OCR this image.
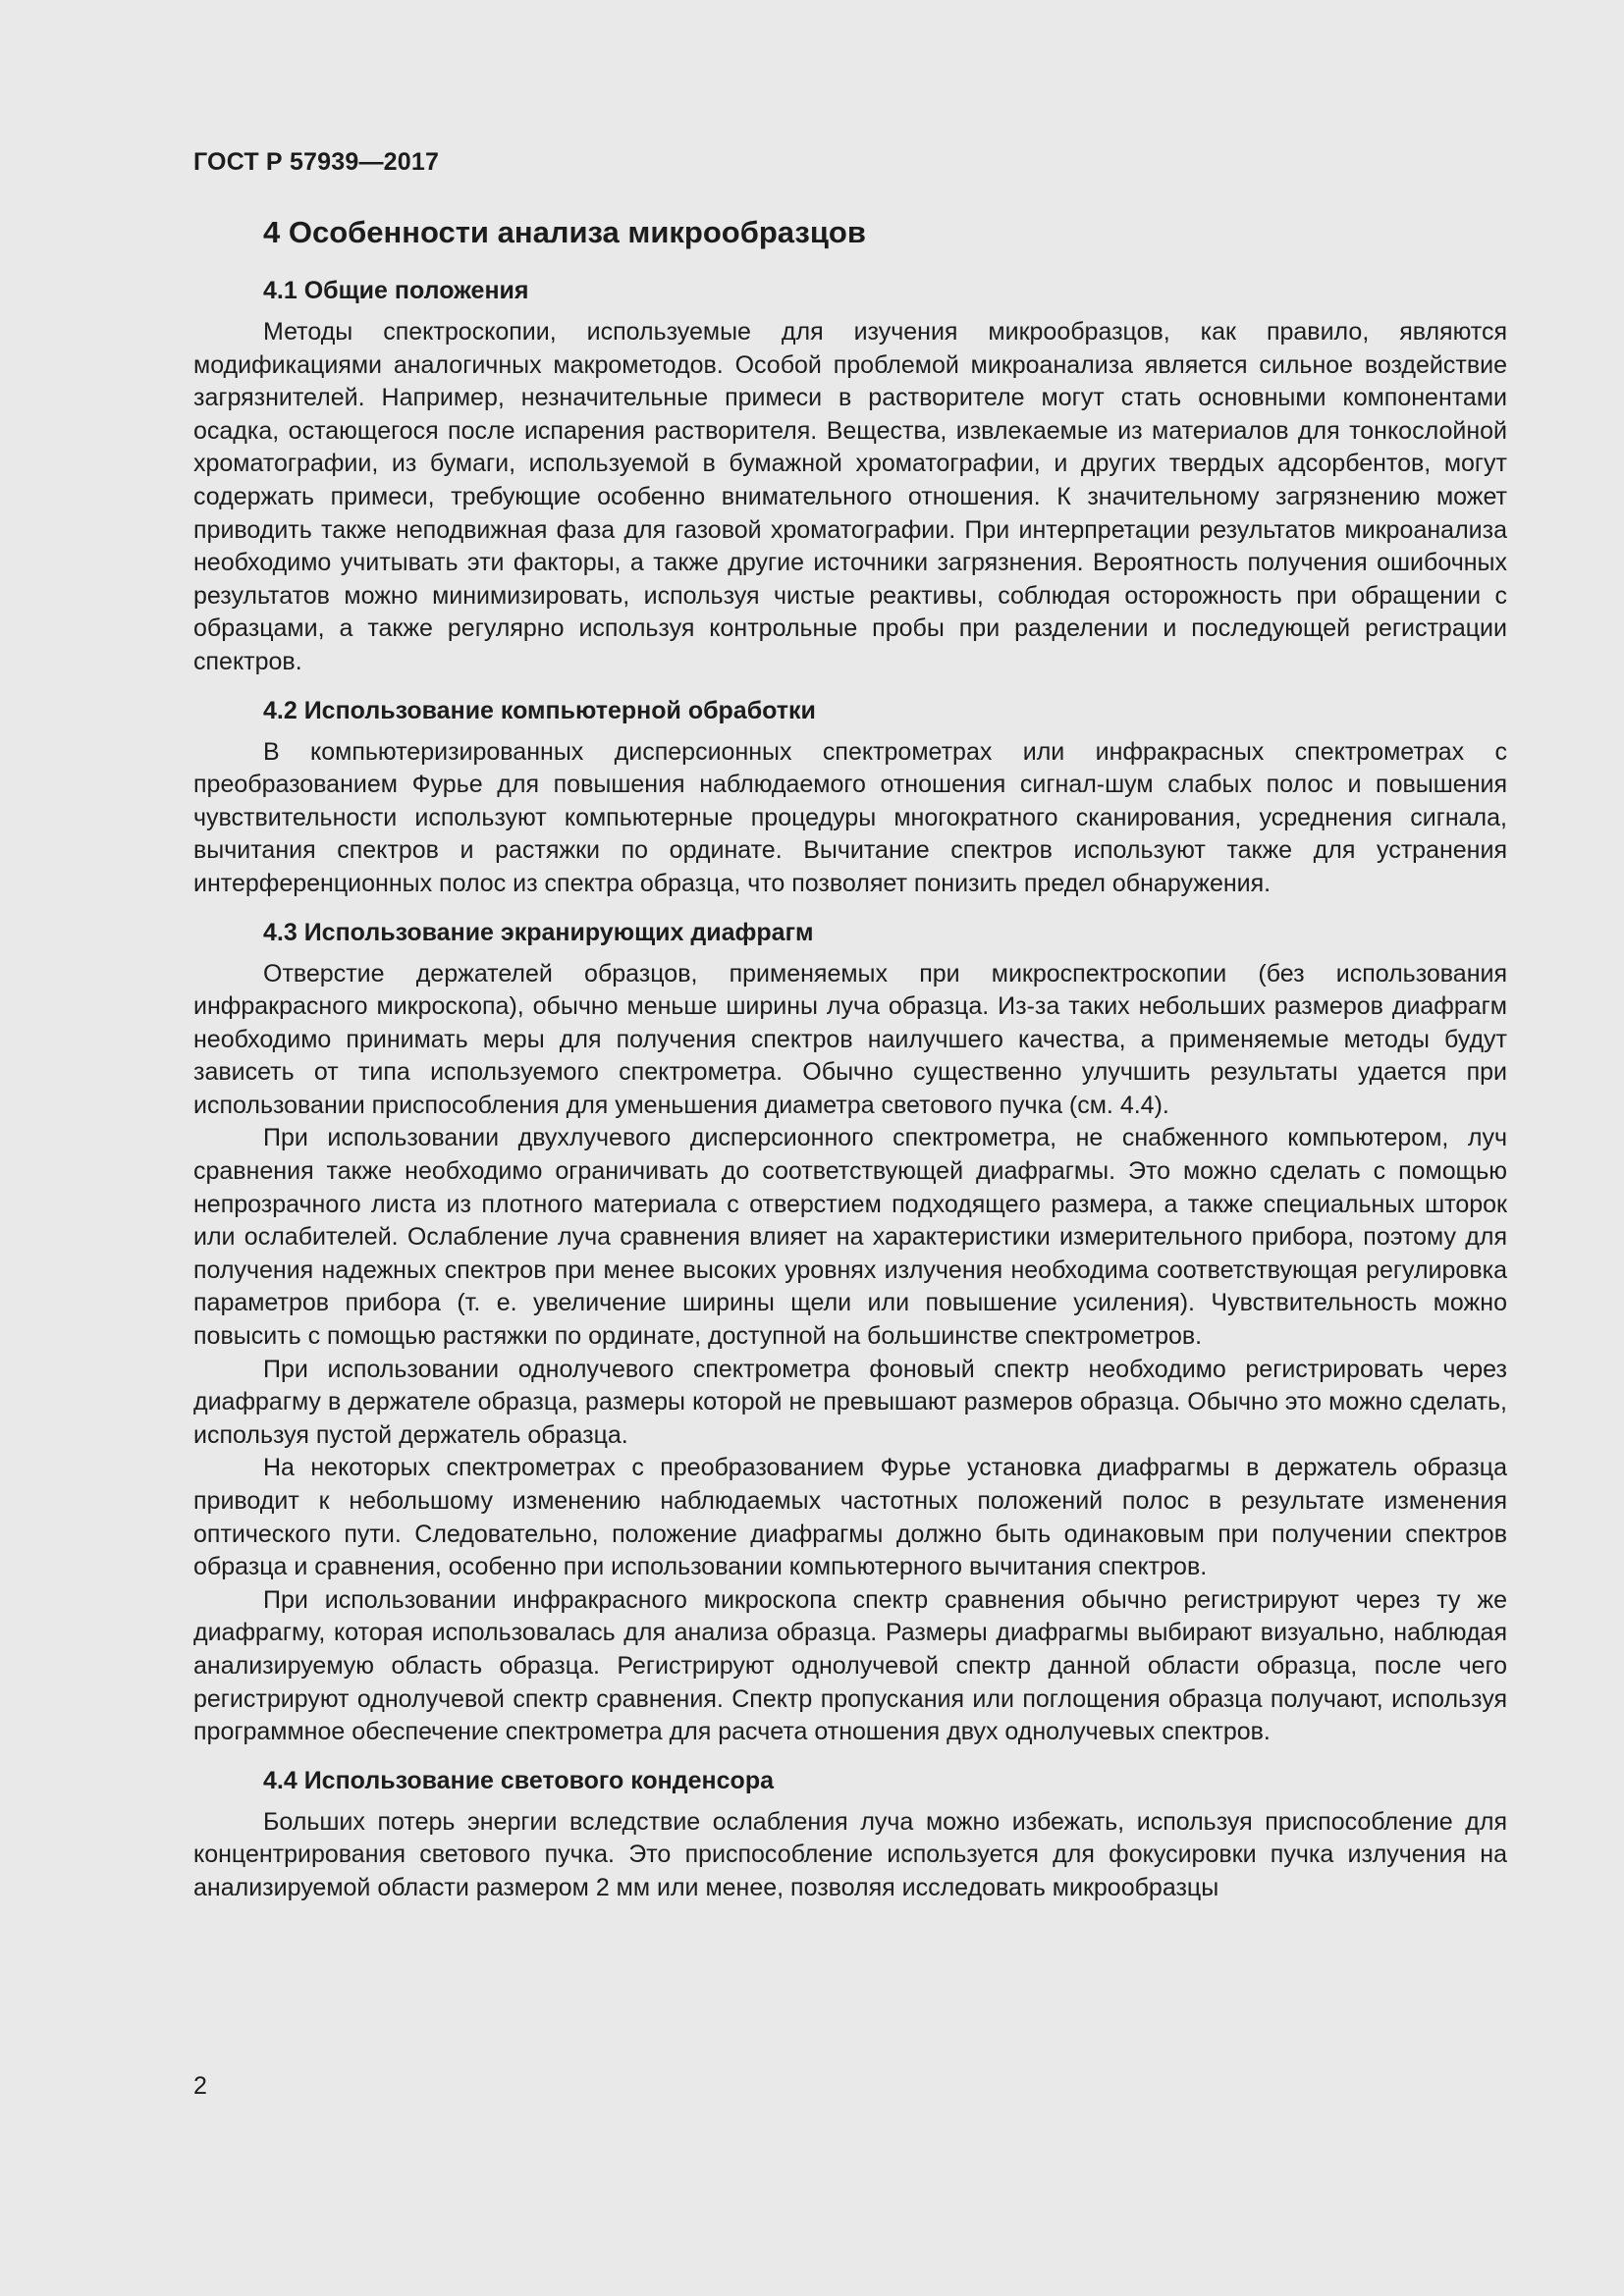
ГОСТ Р 57939—2017
4 Особенности анализа микрообразцов
4.1 Общие положения

Методы спектроскопии, используемые для изучения микрообразцов, как правило, являются модификациями аналогичных макрометодов. Особой проблемой микроанализа является сильное воздействие загрязнителей. Например, незначительные примеси в растворителе могут стать основными компонентами осадка, остающегося после испарения растворителя. Вещества, извлекаемые из материалов для тонкослойной хроматографии, из бумаги, используемой в бумажной хроматографии, и других твердых адсорбентов, могут содержать примеси, требующие особенно внимательного отношения. К значительному загрязнению может приводить также неподвижная фаза для газовой хроматографии. При интерпретации результатов микроанализа необходимо учитывать эти факторы, а также другие источники загрязнения. Вероятность получения ошибочных результатов можно минимизировать, используя чистые реактивы, соблюдая осторожность при обращении с образцами, а также регулярно используя контрольные пробы при разделении и последующей регистрации спектров.

4.2 Использование компьютерной обработки

В компьютеризированных дисперсионных спектрометрах или инфракрасных спектрометрах с преобразованием Фурье для повышения наблюдаемого отношения сигнал-шум слабых полос и повышения чувствительности используют компьютерные процедуры многократного сканирования, усреднения сигнала, вычитания спектров и растяжки по ординате. Вычитание спектров используют также для устранения интерференционных полос из спектра образца, что позволяет понизить предел обнаружения.

4.3 Использование экранирующих диафрагм

Отверстие держателей образцов, применяемых при микроспектроскопии (без использования инфракрасного микроскопа), обычно меньше ширины луча образца. Из-за таких небольших размеров диафрагм необходимо принимать меры для получения спектров наилучшего качества, а применяемые методы будут зависеть от типа используемого спектрометра. Обычно существенно улучшить результаты удается при использовании приспособления для уменьшения диаметра светового пучка (см. 4.4).

При использовании двухлучевого дисперсионного спектрометра, не снабженного компьютером, луч сравнения также необходимо ограничивать до соответствующей диафрагмы. Это можно сделать с помощью непрозрачного листа из плотного материала с отверстием подходящего размера, а также специальных шторок или ослабителей. Ослабление луча сравнения влияет на характеристики измерительного прибора, поэтому для получения надежных спектров при менее высоких уровнях излучения необходима соответствующая регулировка параметров прибора (т. е. увеличение ширины щели или повышение усиления). Чувствительность можно повысить с помощью растяжки по ординате, доступной на большинстве спектрометров.

При использовании однолучевого спектрометра фоновый спектр необходимо регистрировать через диафрагму в держателе образца, размеры которой не превышают размеров образца. Обычно это можно сделать, используя пустой держатель образца.

На некоторых спектрометрах с преобразованием Фурье установка диафрагмы в держатель образца приводит к небольшому изменению наблюдаемых частотных положений полос в результате изменения оптического пути. Следовательно, положение диафрагмы должно быть одинаковым при получении спектров образца и сравнения, особенно при использовании компьютерного вычитания спектров.

При использовании инфракрасного микроскопа спектр сравнения обычно регистрируют через ту же диафрагму, которая использовалась для анализа образца. Размеры диафрагмы выбирают визуально, наблюдая анализируемую область образца. Регистрируют однолучевой спектр данной области образца, после чего регистрируют однолучевой спектр сравнения. Спектр пропускания или поглощения образца получают, используя программное обеспечение спектрометра для расчета отношения двух однолучевых спектров.

4.4 Использование светового конденсора

Больших потерь энергии вследствие ослабления луча можно избежать, используя приспособление для концентрирования светового пучка. Это приспособление используется для фокусировки пучка излучения на анализируемой области размером 2 мм или менее, позволяя исследовать микрообразцы

2
